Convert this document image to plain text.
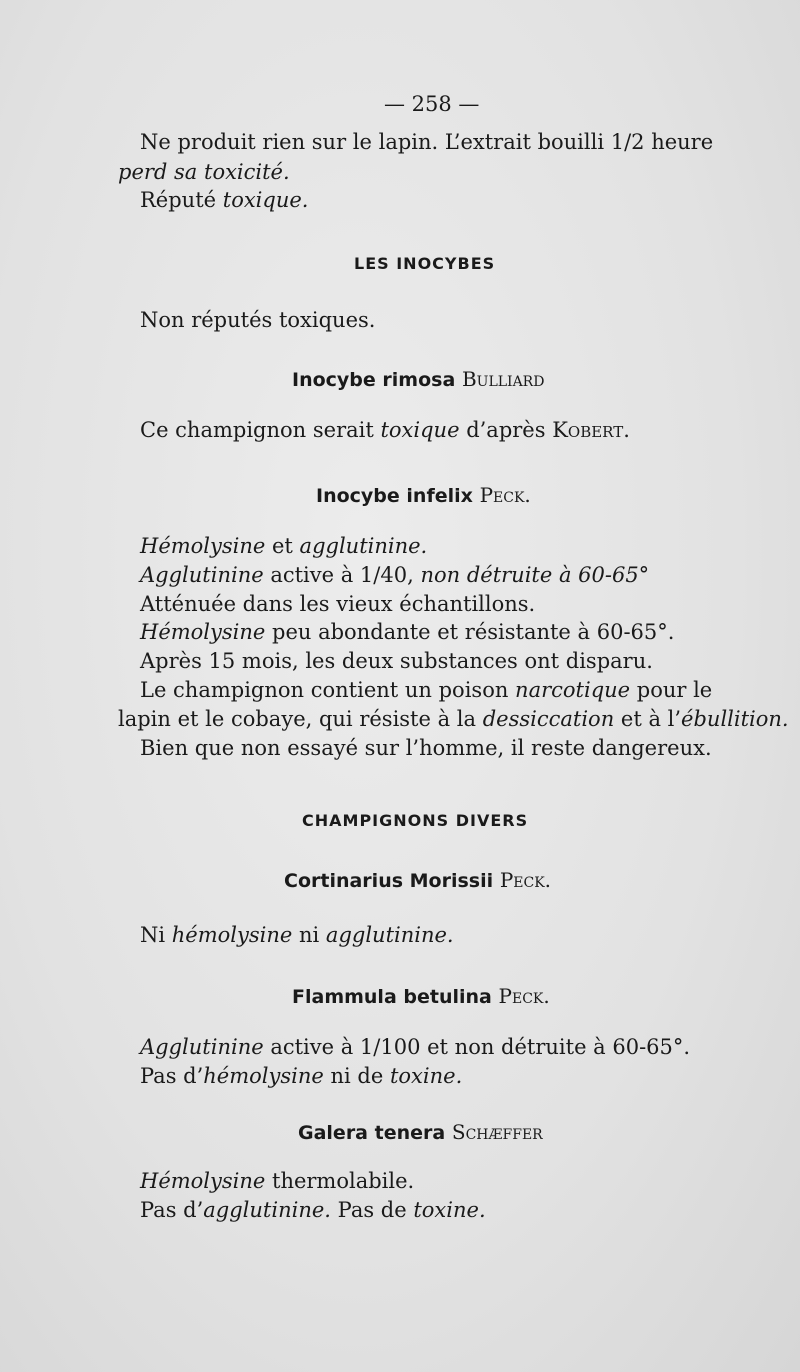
— 258 —
Ne produit rien sur le lapin. L’extrait bouilli 1/2 heure
perd sa toxicité.
Réputé toxique.
LES INOCYBES
Non réputés toxiques.
Inocybe rimosa Bulliard
Ce champignon serait toxique d’après Kobert.
Inocybe infelix Peck.
Hémolysine et agglutinine.
Agglutinine active à 1/40, non détruite à 60-65°
Atténuée dans les vieux échantillons.
Hémolysine peu abondante et résistante à 60-65°.
Après 15 mois, les deux substances ont disparu.
Le champignon contient un poison narcotique pour le
lapin et le cobaye, qui résiste à la dessiccation et à l’ébullition.
Bien que non essayé sur l’homme, il reste dangereux.
CHAMPIGNONS DIVERS
Cortinarius Morissii Peck.
Ni hémolysine ni agglutinine.
Flammula betulina Peck.
Agglutinine active à 1/100 et non détruite à 60-65°.
Pas d’hémolysine ni de toxine.
Galera tenera Schæffer
Hémolysine thermolabile.
Pas d’agglutinine. Pas de toxine.
